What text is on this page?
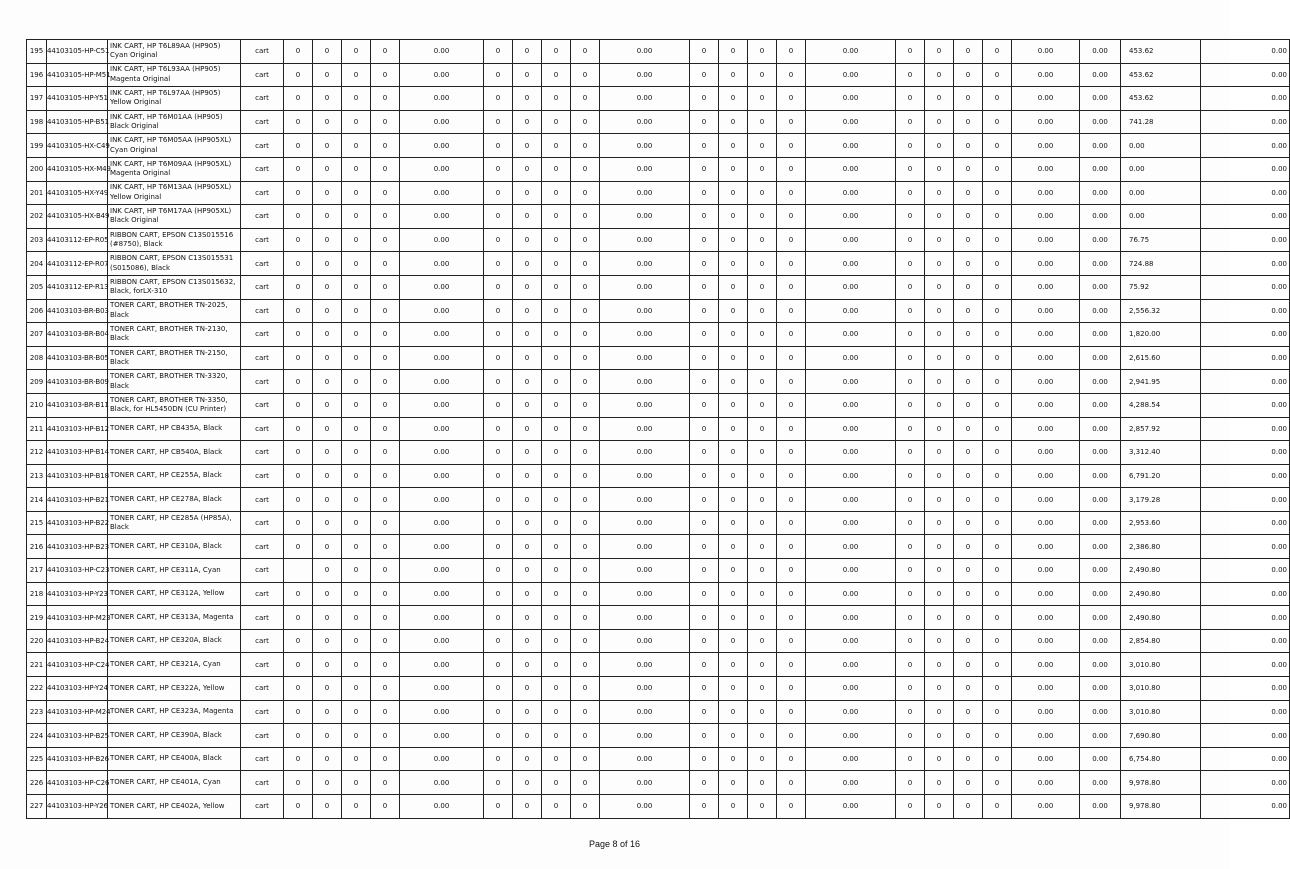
195	44103105-HP-C51	INK CART, HP T6L89AA (HP905) Cyan Original	cart	0	0	0	0	0.00	0	0	0	0	0.00	0	0	0	0	0.00	0	0	0	0	0.00	0.00	453.62	0.00
196	44103105-HP-M51	INK CART, HP T6L93AA (HP905) Magenta Original	cart	0	0	0	0	0.00	0	0	0	0	0.00	0	0	0	0	0.00	0	0	0	0	0.00	0.00	453.62	0.00
197	44103105-HP-Y51	INK CART, HP T6L97AA (HP905) Yellow Original	cart	0	0	0	0	0.00	0	0	0	0	0.00	0	0	0	0	0.00	0	0	0	0	0.00	0.00	453.62	0.00
198	44103105-HP-B51	INK CART, HP T6M01AA (HP905) Black Original	cart	0	0	0	0	0.00	0	0	0	0	0.00	0	0	0	0	0.00	0	0	0	0	0.00	0.00	741.28	0.00
199	44103105-HX-C49	INK CART, HP T6M05AA (HP905XL) Cyan Original	cart	0	0	0	0	0.00	0	0	0	0	0.00	0	0	0	0	0.00	0	0	0	0	0.00	0.00	0.00	0.00
200	44103105-HX-M49	INK CART, HP T6M09AA (HP905XL) Magenta Original	cart	0	0	0	0	0.00	0	0	0	0	0.00	0	0	0	0	0.00	0	0	0	0	0.00	0.00	0.00	0.00
201	44103105-HX-Y49	INK CART, HP T6M13AA (HP905XL) Yellow Original	cart	0	0	0	0	0.00	0	0	0	0	0.00	0	0	0	0	0.00	0	0	0	0	0.00	0.00	0.00	0.00
202	44103105-HX-B49	INK CART, HP T6M17AA (HP905XL) Black Original	cart	0	0	0	0	0.00	0	0	0	0	0.00	0	0	0	0	0.00	0	0	0	0	0.00	0.00	0.00	0.00
203	44103112-EP-R05	RIBBON CART, EPSON C13S015516 (#8750), Black	cart	0	0	0	0	0.00	0	0	0	0	0.00	0	0	0	0	0.00	0	0	0	0	0.00	0.00	76.75	0.00
204	44103112-EP-R07	RIBBON CART, EPSON C13S015531 (S015086), Black	cart	0	0	0	0	0.00	0	0	0	0	0.00	0	0	0	0	0.00	0	0	0	0	0.00	0.00	724.88	0.00
205	44103112-EP-R13	RIBBON CART, EPSON C13S015632, Black, forLX-310	cart	0	0	0	0	0.00	0	0	0	0	0.00	0	0	0	0	0.00	0	0	0	0	0.00	0.00	75.92	0.00
206	44103103-BR-B03	TONER CART, BROTHER TN-2025, Black	cart	0	0	0	0	0.00	0	0	0	0	0.00	0	0	0	0	0.00	0	0	0	0	0.00	0.00	2,556.32	0.00
207	44103103-BR-B04	TONER CART, BROTHER TN-2130, Black	cart	0	0	0	0	0.00	0	0	0	0	0.00	0	0	0	0	0.00	0	0	0	0	0.00	0.00	1,820.00	0.00
208	44103103-BR-B05	TONER CART, BROTHER TN-2150, Black	cart	0	0	0	0	0.00	0	0	0	0	0.00	0	0	0	0	0.00	0	0	0	0	0.00	0.00	2,615.60	0.00
209	44103103-BR-B09	TONER CART, BROTHER TN-3320, Black	cart	0	0	0	0	0.00	0	0	0	0	0.00	0	0	0	0	0.00	0	0	0	0	0.00	0.00	2,941.95	0.00
210	44103103-BR-B11	TONER CART, BROTHER TN-3350, Black, for HL5450DN (CU Printer)	cart	0	0	0	0	0.00	0	0	0	0	0.00	0	0	0	0	0.00	0	0	0	0	0.00	0.00	4,288.54	0.00
211	44103103-HP-B12	TONER CART, HP CB435A, Black	cart	0	0	0	0	0.00	0	0	0	0	0.00	0	0	0	0	0.00	0	0	0	0	0.00	0.00	2,857.92	0.00
212	44103103-HP-B14	TONER CART, HP CB540A, Black	cart	0	0	0	0	0.00	0	0	0	0	0.00	0	0	0	0	0.00	0	0	0	0	0.00	0.00	3,312.40	0.00
213	44103103-HP-B18	TONER CART, HP CE255A, Black	cart	0	0	0	0	0.00	0	0	0	0	0.00	0	0	0	0	0.00	0	0	0	0	0.00	0.00	6,791.20	0.00
214	44103103-HP-B21	TONER CART, HP CE278A, Black	cart	0	0	0	0	0.00	0	0	0	0	0.00	0	0	0	0	0.00	0	0	0	0	0.00	0.00	3,179.28	0.00
215	44103103-HP-B22	TONER CART, HP CE285A (HP85A), Black	cart	0	0	0	0	0.00	0	0	0	0	0.00	0	0	0	0	0.00	0	0	0	0	0.00	0.00	2,953.60	0.00
216	44103103-HP-B23	TONER CART, HP CE310A, Black	cart	0	0	0	0	0.00	0	0	0	0	0.00	0	0	0	0	0.00	0	0	0	0	0.00	0.00	2,386.80	0.00
217	44103103-HP-C23	TONER CART, HP CE311A, Cyan	cart		0	0	0	0.00	0	0	0	0	0.00	0	0	0	0	0.00	0	0	0	0	0.00	0.00	2,490.80	0.00
218	44103103-HP-Y23	TONER CART, HP CE312A, Yellow	cart	0	0	0	0	0.00	0	0	0	0	0.00	0	0	0	0	0.00	0	0	0	0	0.00	0.00	2,490.80	0.00
219	44103103-HP-M23	TONER CART, HP CE313A, Magenta	cart	0	0	0	0	0.00	0	0	0	0	0.00	0	0	0	0	0.00	0	0	0	0	0.00	0.00	2,490.80	0.00
220	44103103-HP-B24	TONER CART, HP CE320A, Black	cart	0	0	0	0	0.00	0	0	0	0	0.00	0	0	0	0	0.00	0	0	0	0	0.00	0.00	2,854.80	0.00
221	44103103-HP-C24	TONER CART, HP CE321A, Cyan	cart	0	0	0	0	0.00	0	0	0	0	0.00	0	0	0	0	0.00	0	0	0	0	0.00	0.00	3,010.80	0.00
222	44103103-HP-Y24	TONER CART, HP CE322A, Yellow	cart	0	0	0	0	0.00	0	0	0	0	0.00	0	0	0	0	0.00	0	0	0	0	0.00	0.00	3,010.80	0.00
223	44103103-HP-M24	TONER CART, HP CE323A, Magenta	cart	0	0	0	0	0.00	0	0	0	0	0.00	0	0	0	0	0.00	0	0	0	0	0.00	0.00	3,010.80	0.00
224	44103103-HP-B25	TONER CART, HP CE390A, Black	cart	0	0	0	0	0.00	0	0	0	0	0.00	0	0	0	0	0.00	0	0	0	0	0.00	0.00	7,690.80	0.00
225	44103103-HP-B26	TONER CART, HP CE400A, Black	cart	0	0	0	0	0.00	0	0	0	0	0.00	0	0	0	0	0.00	0	0	0	0	0.00	0.00	6,754.80	0.00
226	44103103-HP-C26	TONER CART, HP CE401A, Cyan	cart	0	0	0	0	0.00	0	0	0	0	0.00	0	0	0	0	0.00	0	0	0	0	0.00	0.00	9,978.80	0.00
227	44103103-HP-Y26	TONER CART, HP CE402A, Yellow	cart	0	0	0	0	0.00	0	0	0	0	0.00	0	0	0	0	0.00	0	0	0	0	0.00	0.00	9,978.80	0.00
Page 8 of 16
